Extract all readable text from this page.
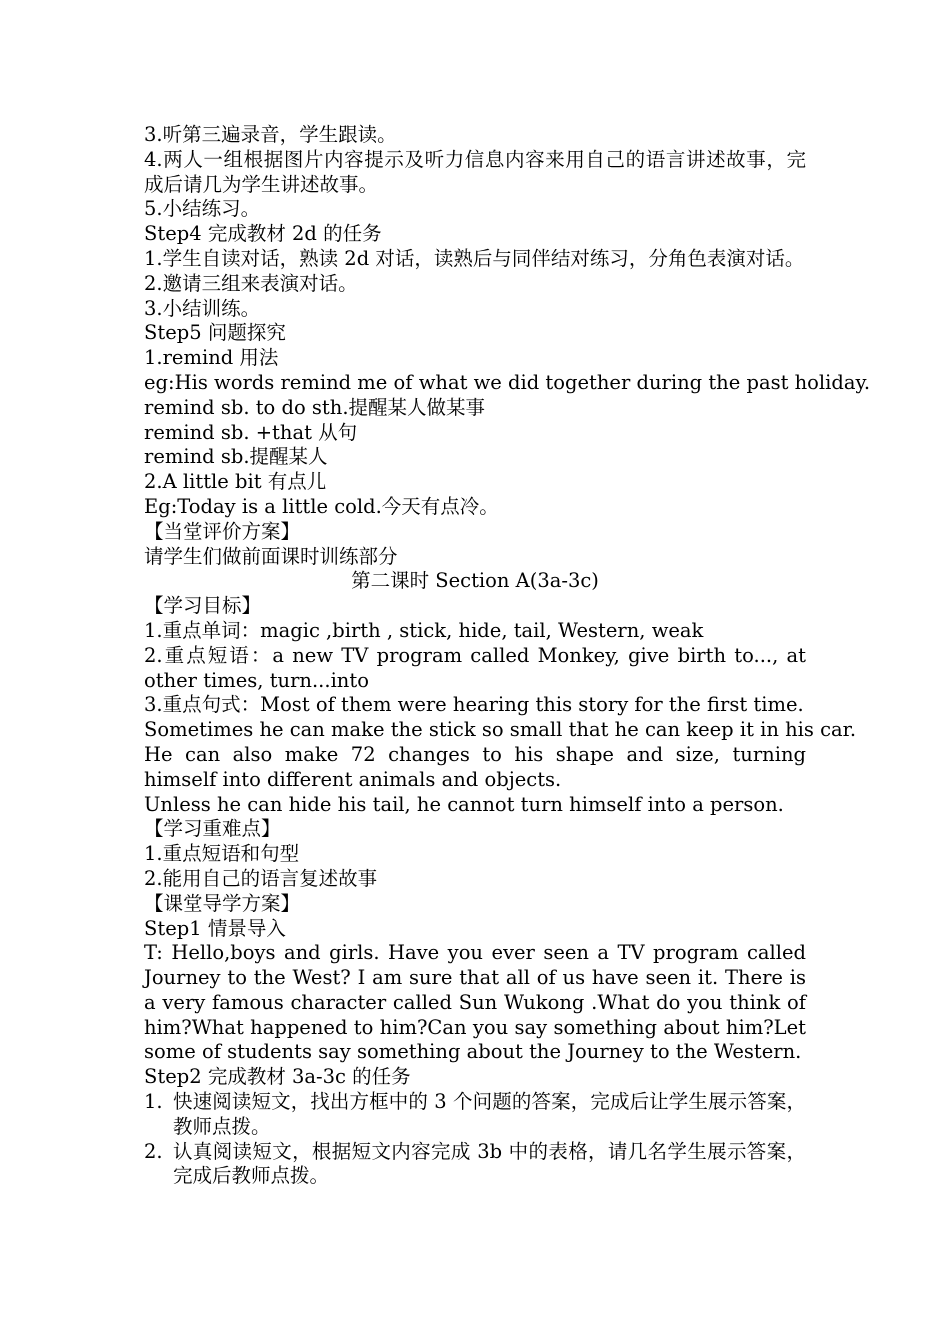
3.听第三遍录音，学生跟读。
4.两人一组根据图片内容提示及听力信息内容来用自己的语言讲述故事，完成后请几为学生讲述故事。
5.小结练习。
Step4 完成教材 2d 的任务
1.学生自读对话，熟读 2d 对话，读熟后与同伴结对练习，分角色表演对话。
2.邀请三组来表演对话。
3.小结训练。
Step5 问题探究
1.remind 用法
eg:His words remind me of what we did together during the past holiday.
remind sb. to do sth.提醒某人做某事
remind sb. +that 从句
remind sb.提醒某人
2.A little bit 有点儿
Eg:Today is a little cold.今天有点冷。
【当堂评价方案】
请学生们做前面课时训练部分
第二课时 Section A(3a-3c)
【学习目标】
1.重点单词：magic ,birth , stick, hide, tail, Western, weak
2.重点短语：a new TV program called Monkey, give birth to..., at other times, turn...into
3.重点句式：Most of them were hearing this story for the first time.
Sometimes he can make the stick so small that he can keep it in his car.
He can also make 72 changes to his shape and size, turning himself into different animals and objects.
Unless he can hide his tail, he cannot turn himself into a person.
【学习重难点】
1.重点短语和句型
2.能用自己的语言复述故事
【课堂导学方案】
Step1 情景导入
T: Hello,boys and girls. Have you ever seen a TV program called Journey to the West? I am sure that all of us have seen it. There is a very famous character called Sun Wukong .What do you think of him?What happened to him?Can you say something about him?Let some of students say something about the Journey to the Western.
Step2 完成教材 3a-3c 的任务
1. 快速阅读短文，找出方框中的 3 个问题的答案，完成后让学生展示答案，教师点拨。
2. 认真阅读短文，根据短文内容完成 3b 中的表格，请几名学生展示答案，完成后教师点拨。
